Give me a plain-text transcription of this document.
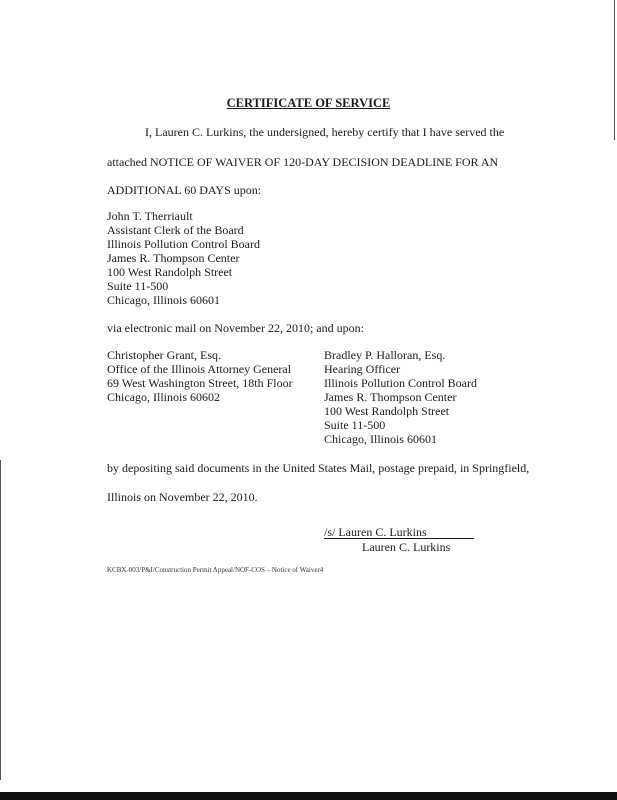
CERTIFICATE OF SERVICE
I, Lauren C. Lurkins, the undersigned, hereby certify that I have served the
attached NOTICE OF WAIVER OF 120-DAY DECISION DEADLINE FOR AN
ADDITIONAL 60 DAYS upon:
John T. Therriault
Assistant Clerk of the Board
Illinois Pollution Control Board
James R. Thompson Center
100 West Randolph Street
Suite 11-500
Chicago, Illinois 60601
via electronic mail on November 22, 2010; and upon:
Christopher Grant, Esq.
Office of the Illinois Attorney General
69 West Washington Street, 18th Floor
Chicago, Illinois 60602
Bradley P. Halloran, Esq.
Hearing Officer
Illinois Pollution Control Board
James R. Thompson Center
100 West Randolph Street
Suite 11-500
Chicago, Illinois 60601
by depositing said documents in the United States Mail, postage prepaid, in Springfield,
Illinois on November 22, 2010.
/s/ Lauren C. Lurkins
Lauren C. Lurkins
KCBX-003/P&I/Construction Permit Appeal/NOF-COS – Notice of Waiver4
